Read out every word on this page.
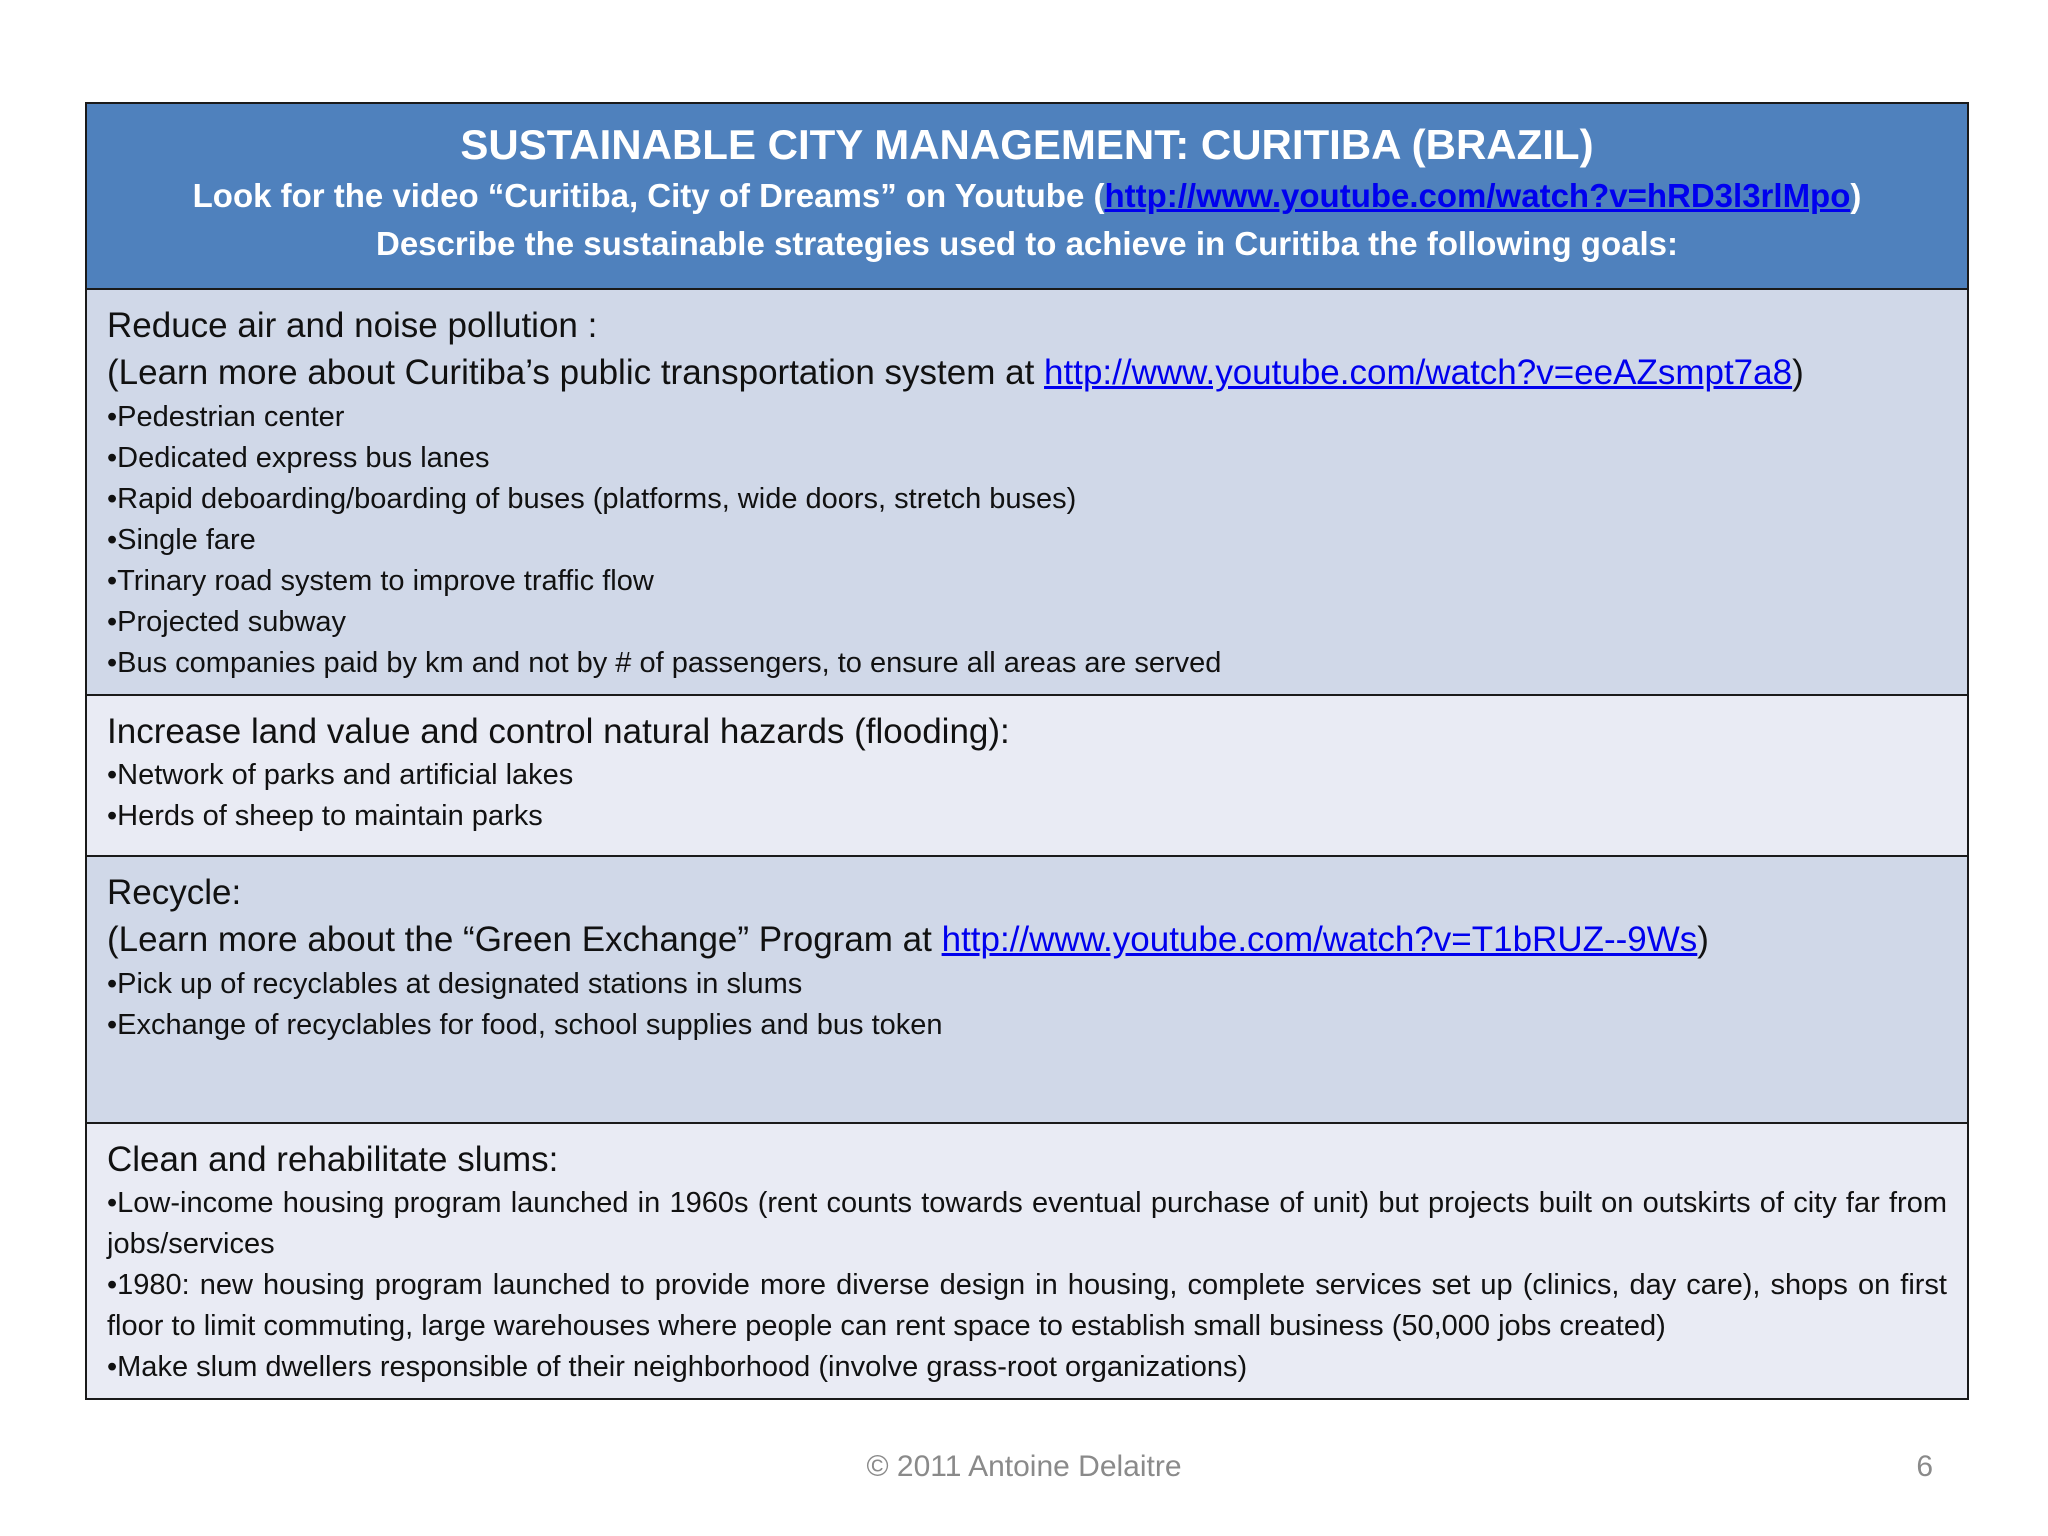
SUSTAINABLE CITY MANAGEMENT: CURITIBA (BRAZIL)
Look for the video “Curitiba, City of Dreams” on Youtube (http://www.youtube.com/watch?v=hRD3l3rlMpo)
Describe the sustainable strategies used to achieve in Curitiba the following goals:
Reduce air and noise pollution :
(Learn more about Curitiba’s public transportation system at http://www.youtube.com/watch?v=eeAZsmpt7a8)
•Pedestrian center
•Dedicated express bus lanes
•Rapid deboarding/boarding of buses (platforms, wide doors, stretch buses)
•Single fare
•Trinary road system to improve traffic flow
•Projected subway
•Bus companies paid by km and not by # of passengers, to ensure all areas are served
Increase land value and control natural hazards (flooding):
•Network of parks and artificial lakes
•Herds of sheep to maintain parks
Recycle:
(Learn more about the “Green Exchange” Program at http://www.youtube.com/watch?v=T1bRUZ--9Ws)
•Pick up of recyclables at designated stations in slums
•Exchange of recyclables for food, school supplies and bus token
Clean and rehabilitate slums:
•Low-income housing program launched in 1960s (rent counts towards eventual purchase of unit) but projects built on outskirts of city far from jobs/services
•1980: new housing program launched to provide more diverse design in housing, complete services set up (clinics, day care), shops on first floor to limit commuting, large warehouses where people can rent space to establish small business (50,000 jobs created)
•Make slum dwellers responsible of their neighborhood (involve grass-root organizations)
© 2011 Antoine Delaitre	6
